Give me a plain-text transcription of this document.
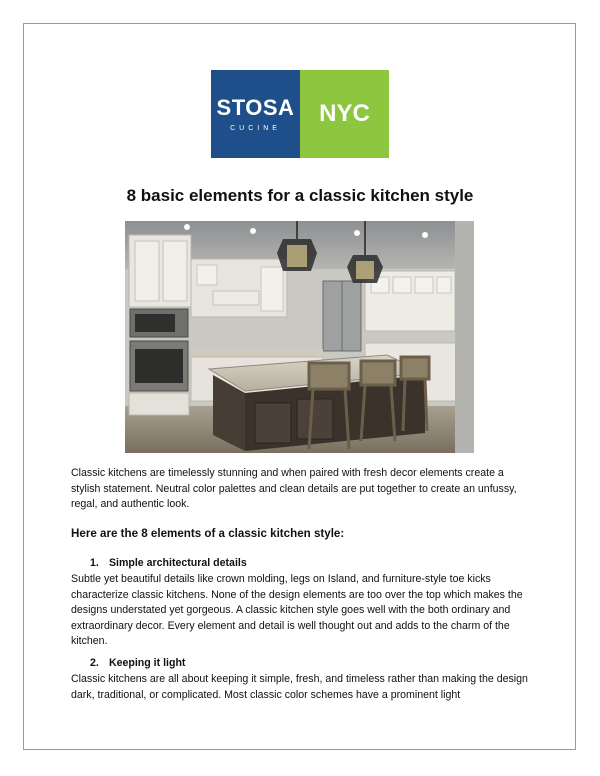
STOSA
CUCINE
NYC
8 basic elements for a classic kitchen style
Classic kitchens are timelessly stunning and when paired with fresh decor elements create a stylish statement. Neutral color palettes and clean details are put together to create an unfussy, regal, and authentic look.
Here are the 8 elements of a classic kitchen style:
1. Simple architectural details
Subtle yet beautiful details like crown molding, legs on Island, and furniture-style toe kicks characterize classic kitchens. None of the design elements are too over the top which makes the designs understated yet gorgeous. A classic kitchen style goes well with the both ordinary and extraordinary decor. Every element and detail is well thought out and adds to the charm of the kitchen.
2. Keeping it light
Classic kitchens are all about keeping it simple, fresh, and timeless rather than making the design dark, traditional, or complicated. Most classic color schemes have a prominent light
